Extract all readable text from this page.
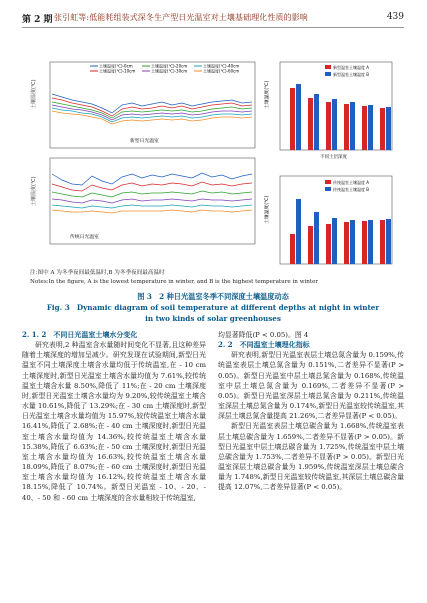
第 2 期 张引虹等:低能耗组装式深冬生产型日光温室对土壤基础理化性质的影响	439
土壤温度(℃)
土壤温度(℃)-0cm
土壤温度(℃)-10cm
土壤温度(℃)-20cm
土壤温度(℃)-30cm
土壤温度(℃)-40cm
土壤温度(℃)-60cm
新型日光温室
土壤温度(℃)
传统日光温室
土壤温度(℃)
新型温室土壤温度 A
新型温室土壤温度 B
不同土层深度
土壤温度(℃)
传统温室土壤温度 A
传统温室土壤温度 B
注:图中 A 为冬季夜间最低温时,B 为冬季夜间最高温时
Notes:In the figure, A is the lowest temperature in winter, and B is the highest temperature in winter
图 3　2 种日光温室冬季不同深度土壤温度动态
Fig. 3　Dynamic diagram of soil temperature at different depths at night in winter
in two kinds of solar greenhouses
2. 1. 2　不同日光温室土壤水分变化

研究表明,2 种温室含水量随时间变化不显著,且这种差异随着土壤深度的增加呈减少。研究发现在试验期间,新型日光温室不同土壤深度土壤含水量均低于传统温室,在 - 10 cm 土壤深度时,新型日光温室土壤含水量均值为 7.61%,较传统温室土壤含水量 8.50%,降低了 11%;在 - 20 cm 土壤深度时,新型日光温室土壤含水量均为 9.20%,较传统温室土壤含水量 10.61%,降低了 13.29%;在 - 30 cm 土壤深度时,新型日光温室土壤含水量均值为 15.97%,较传统温室土壤含水量 16.41%,降低了 2.68%;在 - 40 cm 土壤深度时,新型日光温室土壤含水量均值为 14.36%,较传统温室土壤含水量 15.38%,降低了 6.63%;在 - 50 cm 土壤深度时,新型日光温室土壤含水量均值为 16.63%,较传统温室土壤含水量 18.09%,降低了 8.07%;在 - 60 cm 土壤深度时,新型日光温室土壤含水量均值为 16.12%,较传统温室土壤含水量 18.15%,降低了 10.74%。新型日光温室 - 10、- 20、- 40、- 50 和 - 60 cm 土壤深度的含水量相较于传统温室,

均显著降低(P < 0.05)。图 4
2. 2　不同温室土壤理化指标

研究表明,新型日光温室表层土壤总氮含量为 0.159%,传统温室表层土壤总氮含量为 0.151%,二者差异不显著(P > 0.05)。新型日光温室中层土壤总氮含量为 0.168%,传统温室中层土壤总氮含量为 0.169%,二者差异不显著(P > 0.05)。新型日光温室深层土壤总氮含量为 0.211%,传统温室深层土壤总氮含量为 0.174%,新型日光温室较传统温室,其深层土壤总氮含量提高 21.26%,二者差异显著(P < 0.05)。

新型日光温室表层土壤总碳含量为 1.668%,传统温室表层土壤总碳含量为 1.659%,二者差异不显著(P > 0.05)。新型日光温室中层土壤总碳含量为 1.725%,传统温室中层土壤总碳含量为 1.753%,二者差异不显著(P > 0.05)。新型日光温室深层土壤总碳含量为 1.959%,传统温室深层土壤总碳含量为 1.748%,新型日光温室较传统温室,其深层土壤总碳含量提高 12.07%,二者差异显著(P < 0.05)。
